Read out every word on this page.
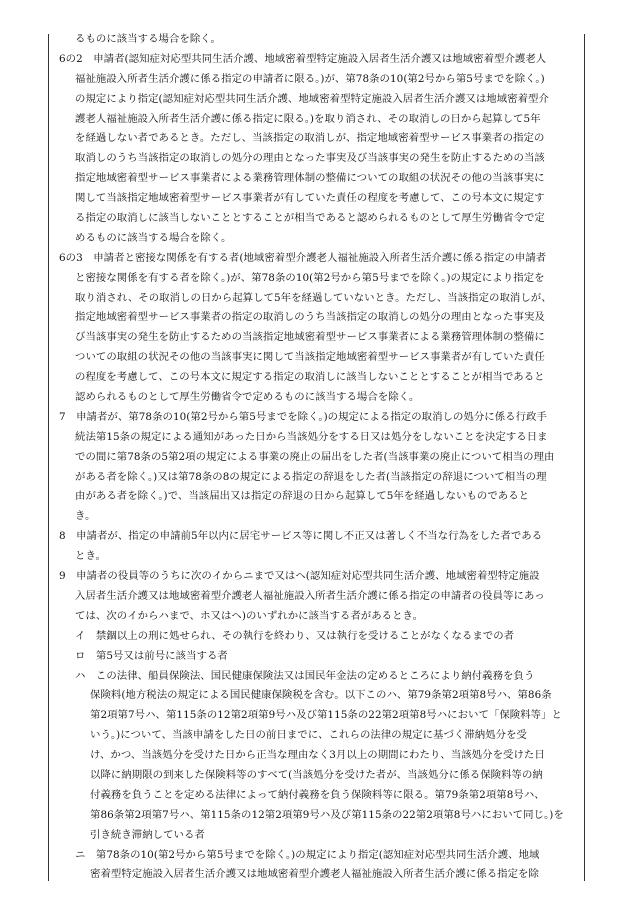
るものに該当する場合を除く。
6の2　申請者(認知症対応型共同生活介護、地域密着型特定施設入居者生活介護又は地域密着型介護老人
福祉施設入所者生活介護に係る指定の申請者に限る。)が、第78条の10(第2号から第5号までを除く。)
の規定により指定(認知症対応型共同生活介護、地域密着型特定施設入居者生活介護又は地域密着型介
護老人福祉施設入所者生活介護に係る指定に限る。)を取り消され、その取消しの日から起算して5年
を経過しない者であるとき。ただし、当該指定の取消しが、指定地域密着型サービス事業者の指定の
取消しのうち当該指定の取消しの処分の理由となった事実及び当該事実の発生を防止するための当該
指定地域密着型サービス事業者による業務管理体制の整備についての取組の状況その他の当該事実に
関して当該指定地域密着型サービス事業者が有していた責任の程度を考慮して、この号本文に規定す
る指定の取消しに該当しないこととすることが相当であると認められるものとして厚生労働省令で定
めるものに該当する場合を除く。
6の3　申請者と密接な関係を有する者(地域密着型介護老人福祉施設入所者生活介護に係る指定の申請者
と密接な関係を有する者を除く。)が、第78条の10(第2号から第5号までを除く。)の規定により指定を
取り消され、その取消しの日から起算して5年を経過していないとき。ただし、当該指定の取消しが、
指定地域密着型サービス事業者の指定の取消しのうち当該指定の取消しの処分の理由となった事実及
び当該事実の発生を防止するための当該指定地域密着型サービス事業者による業務管理体制の整備に
ついての取組の状況その他の当該事実に関して当該指定地域密着型サービス事業者が有していた責任
の程度を考慮して、この号本文に規定する指定の取消しに該当しないこととすることが相当であると
認められるものとして厚生労働省令で定めるものに該当する場合を除く。
7　申請者が、第78条の10(第2号から第5号までを除く。)の規定による指定の取消しの処分に係る行政手
続法第15条の規定による通知があった日から当該処分をする日又は処分をしないことを決定する日ま
での間に第78条の5第2項の規定による事業の廃止の届出をした者(当該事業の廃止について相当の理由
がある者を除く。)又は第78条の8の規定による指定の辞退をした者(当該指定の辞退について相当の理
由がある者を除く。)で、当該届出又は指定の辞退の日から起算して5年を経過しないものであると
き。
8　申請者が、指定の申請前5年以内に居宅サービス等に関し不正又は著しく不当な行為をした者である
とき。
9　申請者の役員等のうちに次のイからニまで又はヘ(認知症対応型共同生活介護、地域密着型特定施設
入居者生活介護又は地域密着型介護老人福祉施設入所者生活介護に係る指定の申請者の役員等にあっ
ては、次のイからハまで、ホ又はヘ)のいずれかに該当する者があるとき。
イ　禁錮以上の刑に処せられ、その執行を終わり、又は執行を受けることがなくなるまでの者
ロ　第5号又は前号に該当する者
ハ　この法律、船員保険法、国民健康保険法又は国民年金法の定めるところにより納付義務を負う
保険料(地方税法の規定による国民健康保険税を含む。以下このハ、第79条第2項第8号ハ、第86条
第2項第7号ハ、第115条の12第2項第9号ハ及び第115条の22第2項第8号ハにおいて「保険料等」と
いう。)について、当該申請をした日の前日までに、これらの法律の規定に基づく滞納処分を受
け、かつ、当該処分を受けた日から正当な理由なく3月以上の期間にわたり、当該処分を受けた日
以降に納期限の到来した保険料等のすべて(当該処分を受けた者が、当該処分に係る保険料等の納
付義務を負うことを定める法律によって納付義務を負う保険料等に限る。第79条第2項第8号ハ、
第86条第2項第7号ハ、第115条の12第2項第9号ハ及び第115条の22第2項第8号ハにおいて同じ。)を
引き続き滞納している者
ニ　第78条の10(第2号から第5号までを除く。)の規定により指定(認知症対応型共同生活介護、地域
密着型特定施設入居者生活介護又は地域密着型介護老人福祉施設入所者生活介護に係る指定を除
